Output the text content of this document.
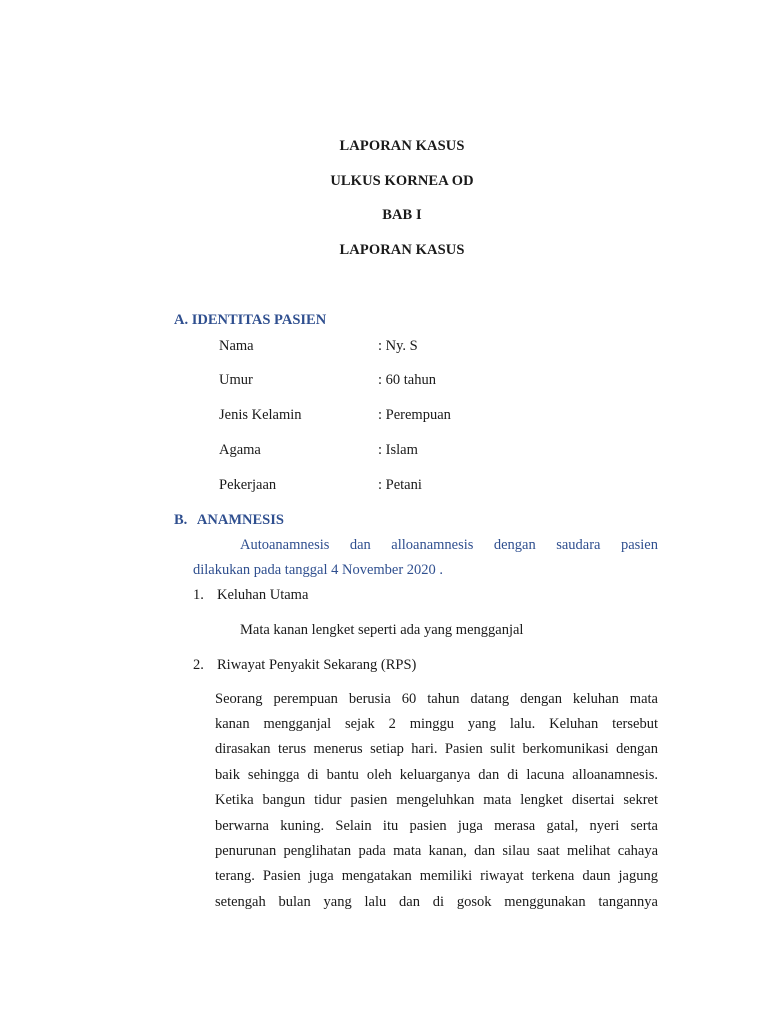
LAPORAN KASUS
ULKUS KORNEA OD
BAB I
LAPORAN KASUS
A. IDENTITAS PASIEN
Nama	: Ny. S
Umur	: 60 tahun
Jenis Kelamin	: Perempuan
Agama	: Islam
Pekerjaan	: Petani
B. ANAMNESIS
Autoanamnesis dan alloanamnesis dengan saudara pasien
dilakukan pada tanggal 4 November 2020 .
1. Keluhan Utama
Mata kanan lengket seperti ada yang mengganjal
2. Riwayat Penyakit Sekarang (RPS)
Seorang perempuan berusia 60 tahun datang dengan keluhan mata
kanan mengganjal sejak 2 minggu yang lalu. Keluhan tersebut
dirasakan terus menerus setiap hari. Pasien sulit berkomunikasi dengan
baik sehingga di bantu oleh keluarganya dan di lacuna alloanamnesis.
Ketika bangun tidur pasien mengeluhkan mata lengket disertai sekret
berwarna kuning. Selain itu pasien juga merasa gatal, nyeri serta
penurunan penglihatan pada mata kanan, dan silau saat melihat cahaya
terang. Pasien juga mengatakan memiliki riwayat terkena daun jagung
setengah bulan yang lalu dan di gosok menggunakan tangannya
